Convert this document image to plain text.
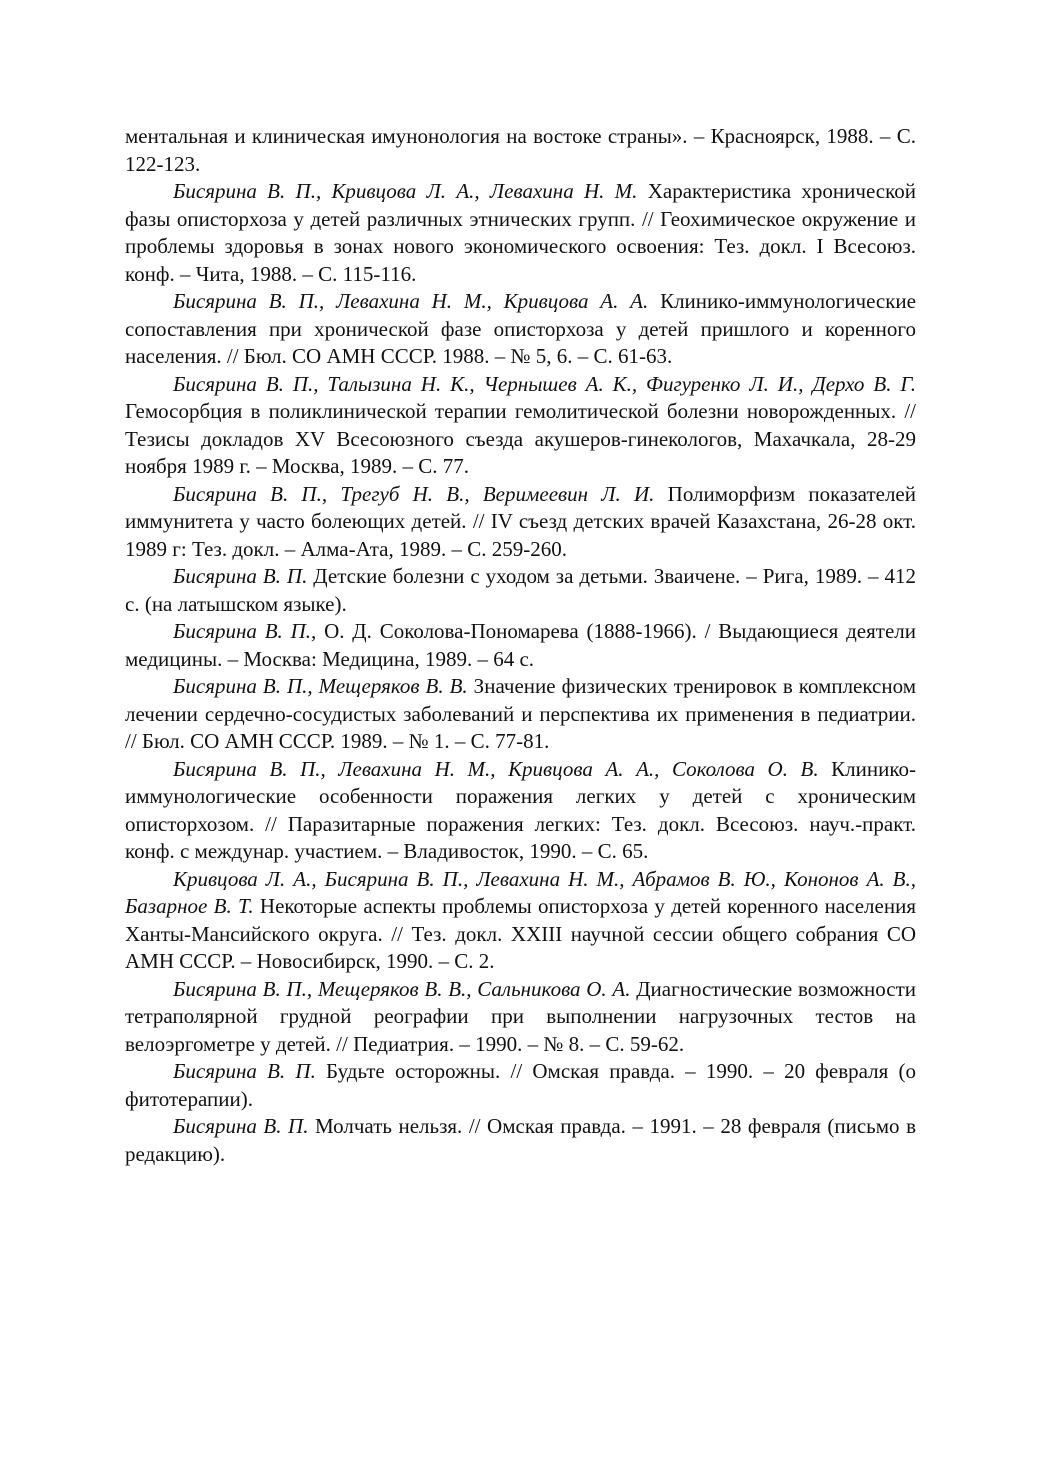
ментальная и клиническая имунонология на востоке страны». – Красноярск, 1988. – С. 122-123.

Бисярина В. П., Кривцова Л. А., Левахина Н. М. Характеристика хронической фазы описторхоза у детей различных этнических групп. // Геохимическое окружение и проблемы здоровья в зонах нового экономического освоения: Тез. докл. I Всесоюз. конф. – Чита, 1988. – С. 115-116.

Бисярина В. П., Левахина Н. М., Кривцова А. А. Клинико-иммунологические сопоставления при хронической фазе описторхоза у детей пришлого и коренного населения. // Бюл. СО АМН СССР. 1988. – № 5, 6. – С. 61-63.

Бисярина В. П., Талызина Н. К., Чернышев А. К., Фигуренко Л. И., Дерхо В. Г. Гемосорбция в поликлинической терапии гемолитической болезни новорожденных. // Тезисы докладов XV Всесоюзного съезда акушеров-гинекологов, Махачкала, 28-29 ноября 1989 г. – Москва, 1989. – С. 77.

Бисярина В. П., Трегуб Н. В., Веримеевин Л. И. Полиморфизм показателей иммунитета у часто болеющих детей. // IV съезд детских врачей Казахстана, 26-28 окт. 1989 г: Тез. докл. – Алма-Ата, 1989. – С. 259-260.

Бисярина В. П. Детские болезни с уходом за детьми. Зваичене. – Рига, 1989. – 412 с. (на латышском языке).

Бисярина В. П., О. Д. Соколова-Пономарева (1888-1966). / Выдающиеся деятели медицины. – Москва: Медицина, 1989. – 64 с.

Бисярина В. П., Мещеряков В. В. Значение физических тренировок в комплексном лечении сердечно-сосудистых заболеваний и перспектива их применения в педиатрии. // Бюл. СО АМН СССР. 1989. – № 1. – С. 77-81.

Бисярина В. П., Левахина Н. М., Кривцова А. А., Соколова О. В. Клинико-иммунологические особенности поражения легких у детей с хроническим описторхозом. // Паразитарные поражения легких: Тез. докл. Всесоюз. науч.-практ. конф. с междунар. участием. – Владивосток, 1990. – С. 65.

Кривцова Л. А., Бисярина В. П., Левахина Н. М., Абрамов В. Ю., Кононов А. В., Базарное В. Т. Некоторые аспекты проблемы описторхоза у детей коренного населения Ханты-Мансийского округа. // Тез. докл. XXIII научной сессии общего собрания СО АМН СССР. – Новосибирск, 1990. – С. 2.

Бисярина В. П., Мещеряков В. В., Сальникова О. А. Диагностические возможности тетраполярной грудной реографии при выполнении нагрузочных тестов на велоэргометре у детей. // Педиатрия. – 1990. – № 8. – С. 59-62.

Бисярина В. П. Будьте осторожны. // Омская правда. – 1990. – 20 февраля (о фитотерапии).

Бисярина В. П. Молчать нельзя. // Омская правда. – 1991. – 28 февраля (письмо в редакцию).
